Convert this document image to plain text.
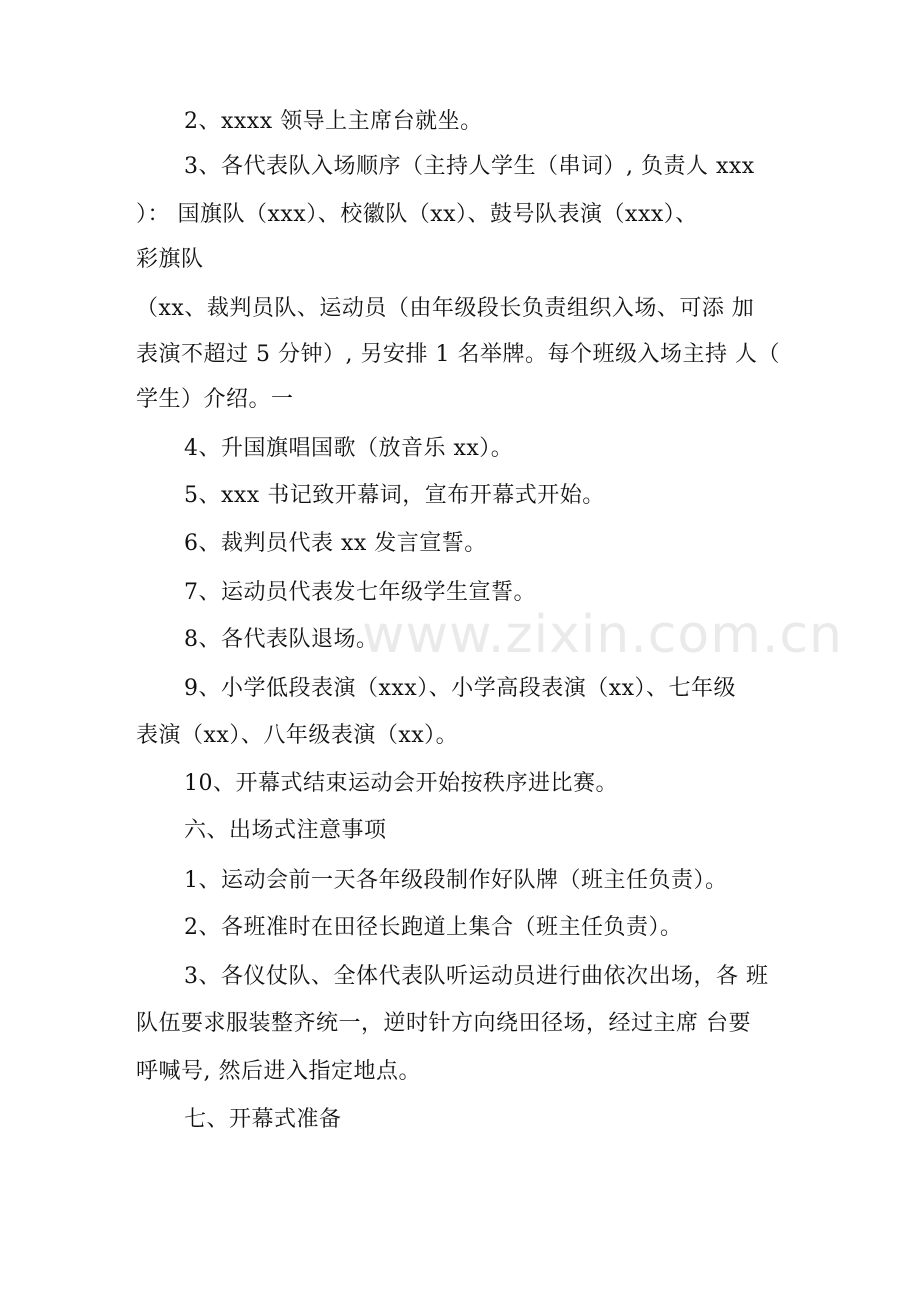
2、xxxx 领导上主席台就坐。
3、各代表队入场顺序（主持人学生（串词）, 负责人 xxx
）： 国旗队（xxx）、校徽队（xx）、鼓号队表演（xxx）、
彩旗队
（xx、裁判员队、运动员（由年级段长负责组织入场、可添 加
表演不超过 5 分钟）, 另安排 1 名举牌。每个班级入场主持 人（
学生）介绍。一
4、升国旗唱国歌（放音乐 xx）。
5、xxx 书记致开幕词，宣布开幕式开始。
6、裁判员代表 xx 发言宣誓。
7、运动员代表发七年级学生宣誓。
8、各代表队退场。
9、小学低段表演（xxx）、小学高段表演（xx）、七年级
表演（xx）、八年级表演（xx）。
10、开幕式结束运动会开始按秩序进比赛。
六、出场式注意事项
1、运动会前一天各年级段制作好队牌（班主任负责）。
2、各班准时在田径长跑道上集合（班主任负责）。
3、各仪仗队、全体代表队听运动员进行曲依次出场，各 班
队伍要求服装整齐统一，逆时针方向绕田径场，经过主席 台要
呼喊号, 然后进入指定地点。
七、开幕式准备
www.zixin.com.cn
